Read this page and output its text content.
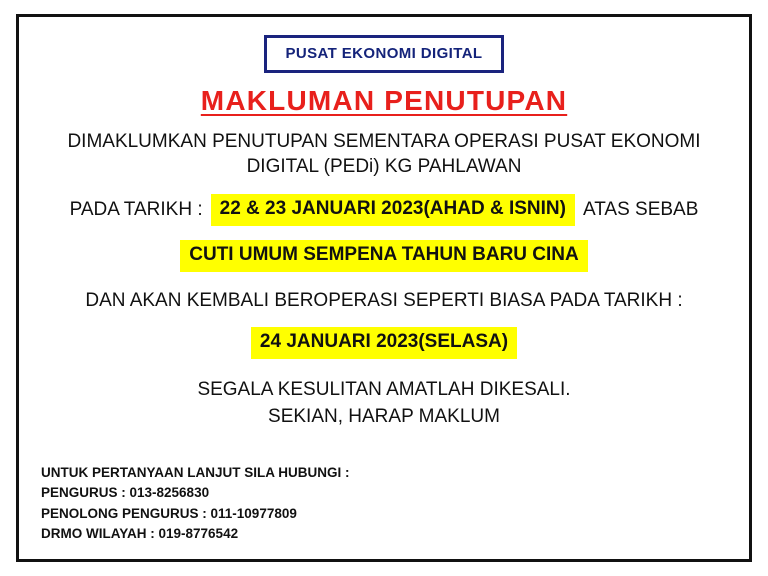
PUSAT EKONOMI DIGITAL
MAKLUMAN PENUTUPAN
DIMAKLUMKAN PENUTUPAN SEMENTARA OPERASI PUSAT EKONOMI
DIGITAL (PEDi) KG PAHLAWAN
PADA TARIKH : 22 & 23 JANUARI 2023(AHAD & ISNIN) ATAS SEBAB
CUTI UMUM SEMPENA TAHUN BARU CINA
DAN AKAN KEMBALI BEROPERASI SEPERTI BIASA PADA TARIKH :
24 JANUARI 2023(SELASA)
SEGALA KESULITAN AMATLAH DIKESALI.
SEKIAN, HARAP MAKLUM
UNTUK PERTANYAAN LANJUT SILA HUBUNGI :
PENGURUS : 013-8256830
PENOLONG PENGURUS : 011-10977809
DRMO WILAYAH : 019-8776542
